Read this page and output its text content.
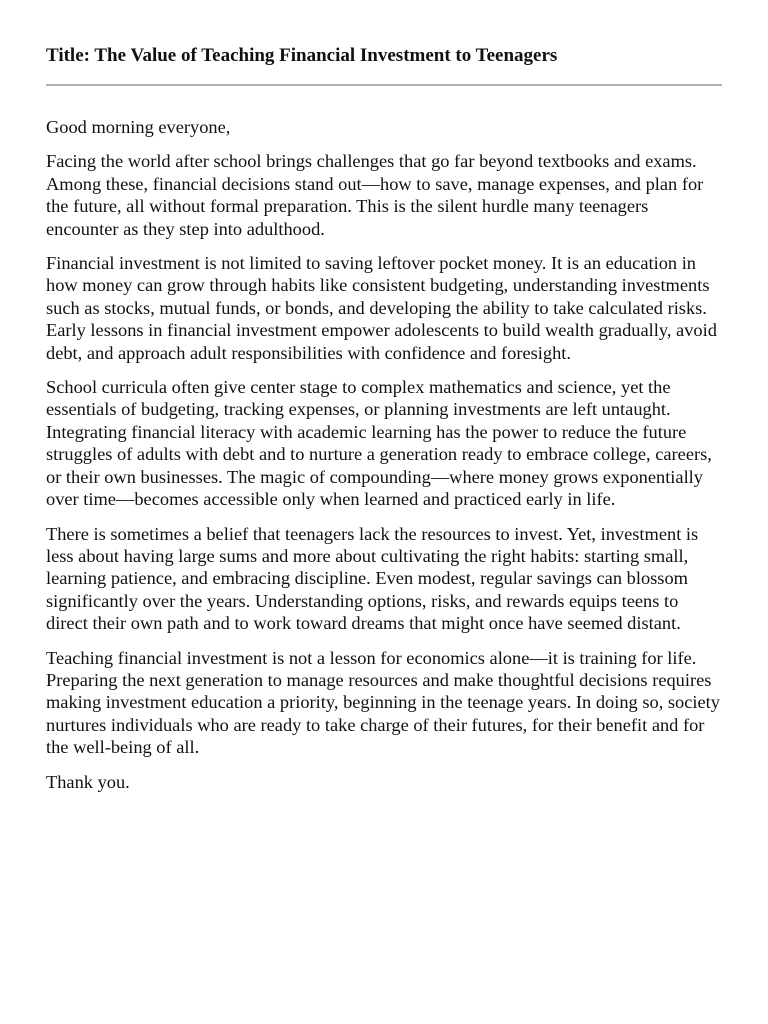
Title: The Value of Teaching Financial Investment to Teenagers

Good morning everyone,

Facing the world after school brings challenges that go far beyond textbooks and exams. Among these, financial decisions stand out—how to save, manage expenses, and plan for the future, all without formal preparation. This is the silent hurdle many teenagers encounter as they step into adulthood.

Financial investment is not limited to saving leftover pocket money. It is an education in how money can grow through habits like consistent budgeting, understanding investments such as stocks, mutual funds, or bonds, and developing the ability to take calculated risks. Early lessons in financial investment empower adolescents to build wealth gradually, avoid debt, and approach adult responsibilities with confidence and foresight.

School curricula often give center stage to complex mathematics and science, yet the essentials of budgeting, tracking expenses, or planning investments are left untaught. Integrating financial literacy with academic learning has the power to reduce the future struggles of adults with debt and to nurture a generation ready to embrace college, careers, or their own businesses. The magic of compounding—where money grows exponentially over time—becomes accessible only when learned and practiced early in life.

There is sometimes a belief that teenagers lack the resources to invest. Yet, investment is less about having large sums and more about cultivating the right habits: starting small, learning patience, and embracing discipline. Even modest, regular savings can blossom significantly over the years. Understanding options, risks, and rewards equips teens to direct their own path and to work toward dreams that might once have seemed distant.

Teaching financial investment is not a lesson for economics alone—it is training for life. Preparing the next generation to manage resources and make thoughtful decisions requires making investment education a priority, beginning in the teenage years. In doing so, society nurtures individuals who are ready to take charge of their futures, for their benefit and for the well-being of all.

Thank you.
